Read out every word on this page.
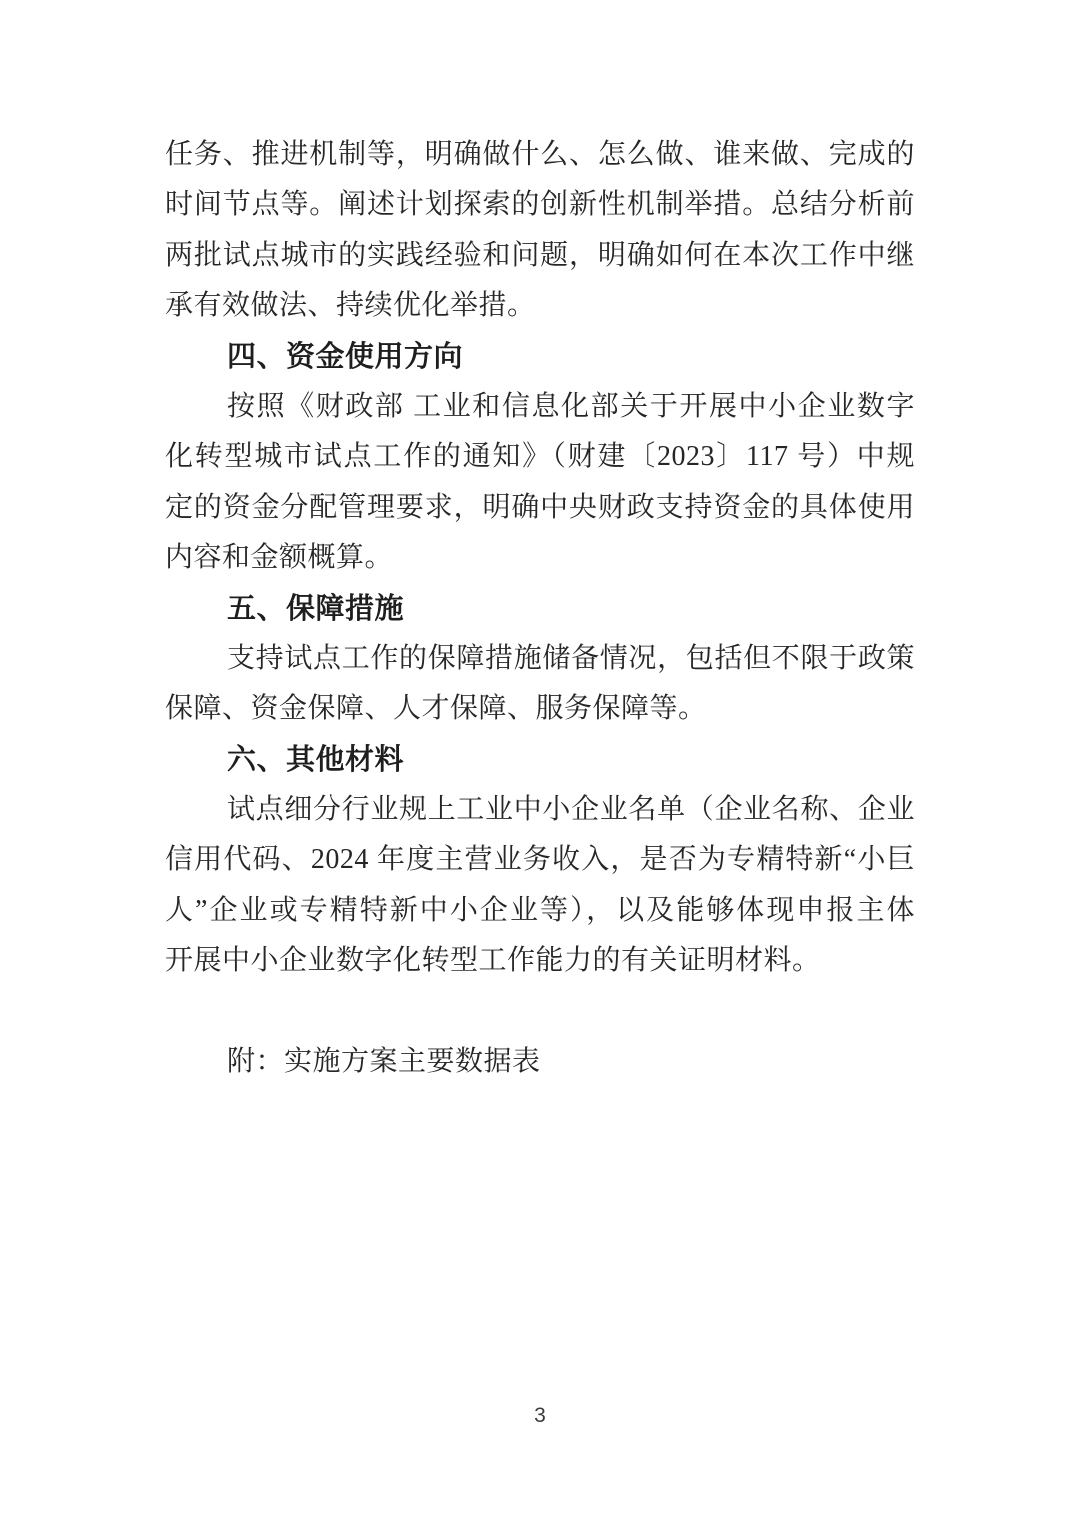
任务、推进机制等，明确做什么、怎么做、谁来做、完成的
时间节点等。阐述计划探索的创新性机制举措。总结分析前
两批试点城市的实践经验和问题，明确如何在本次工作中继
承有效做法、持续优化举措。
四、资金使用方向
按照《财政部 工业和信息化部关于开展中小企业数字
化转型城市试点工作的通知》（财建〔2023〕117 号）中规
定的资金分配管理要求，明确中央财政支持资金的具体使用
内容和金额概算。
五、保障措施
支持试点工作的保障措施储备情况，包括但不限于政策
保障、资金保障、人才保障、服务保障等。
六、其他材料
试点细分行业规上工业中小企业名单（企业名称、企业
信用代码、2024 年度主营业务收入，是否为专精特新“小巨
人”企业或专精特新中小企业等），以及能够体现申报主体
开展中小企业数字化转型工作能力的有关证明材料。
附：实施方案主要数据表
3
